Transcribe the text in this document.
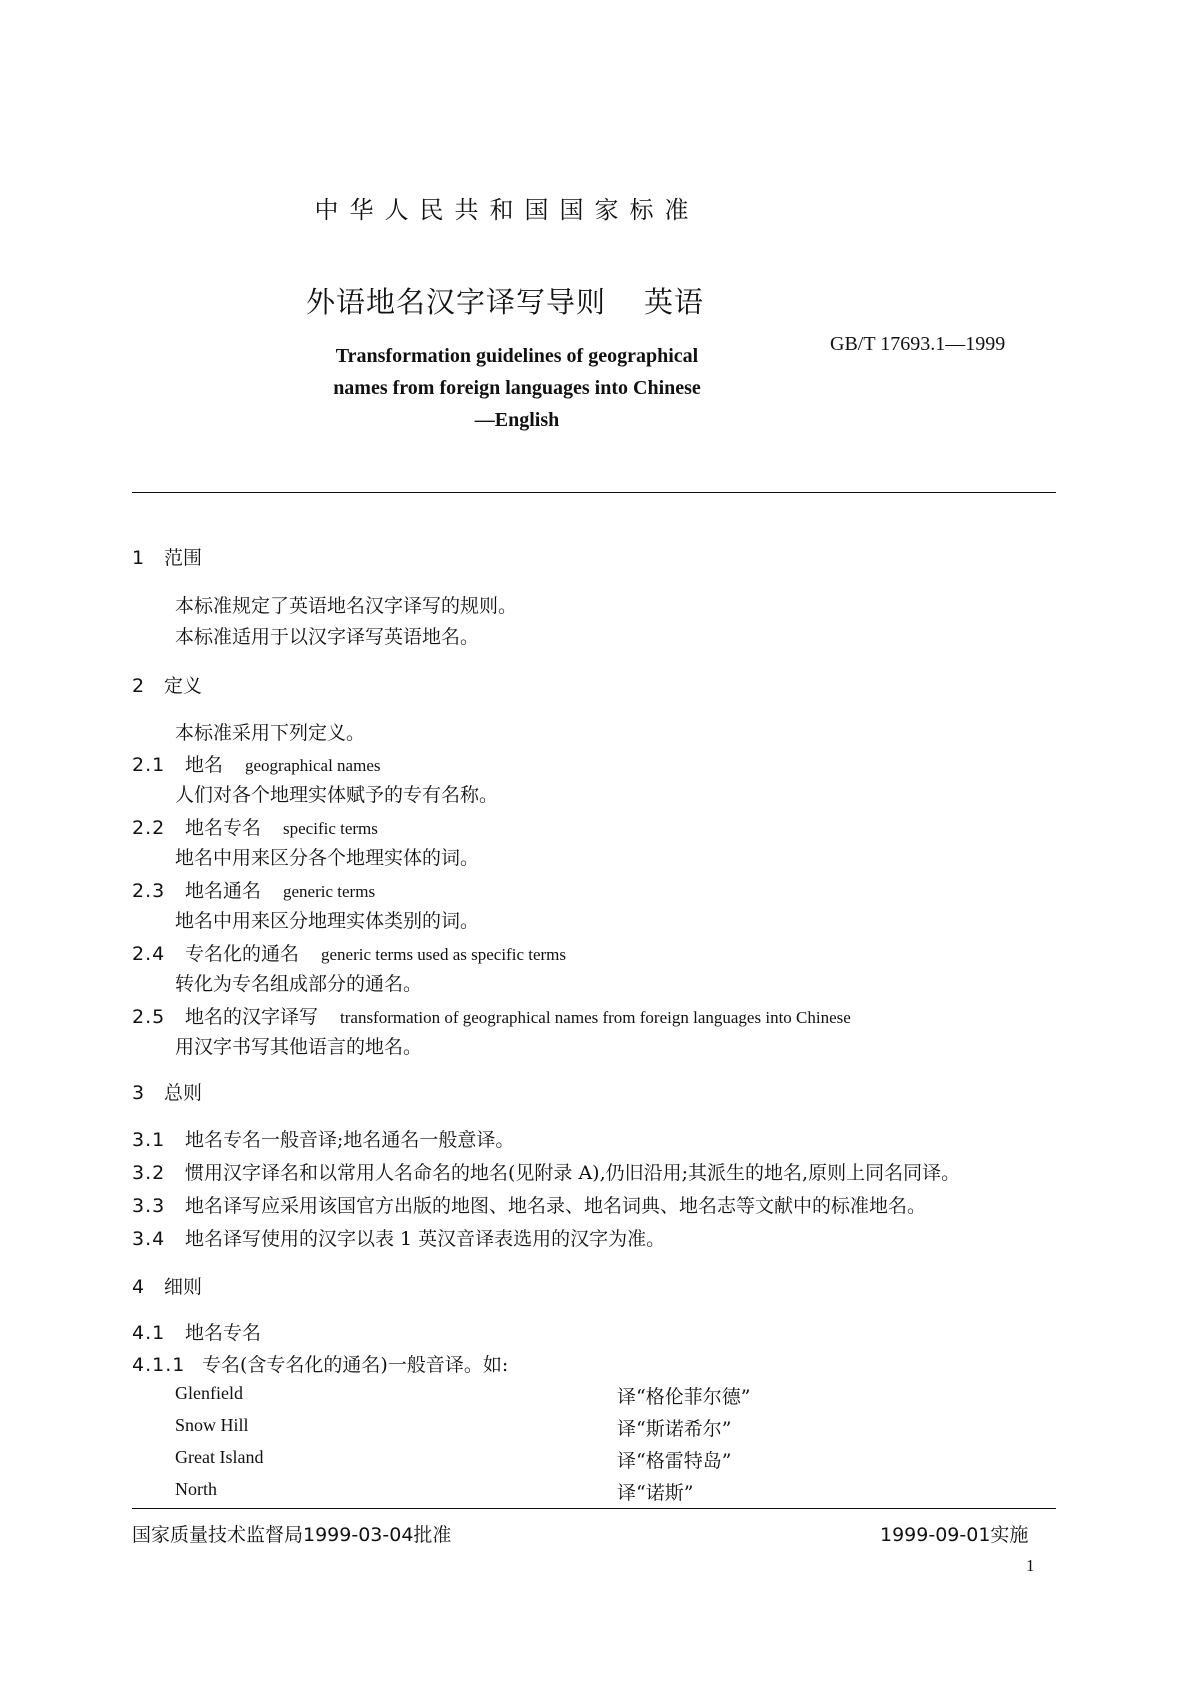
中华人民共和国国家标准
外语地名汉字译写导则 英语
GB/T 17693.1—1999
Transformation guidelines of geographical
names from foreign languages into Chinese
—English
1 范围
本标准规定了英语地名汉字译写的规则。
本标准适用于以汉字译写英语地名。
2 定义
本标准采用下列定义。
2.1 地名 geographical names
人们对各个地理实体赋予的专有名称。
2.2 地名专名 specific terms
地名中用来区分各个地理实体的词。
2.3 地名通名 generic terms
地名中用来区分地理实体类别的词。
2.4 专名化的通名 generic terms used as specific terms
转化为专名组成部分的通名。
2.5 地名的汉字译写 transformation of geographical names from foreign languages into Chinese
用汉字书写其他语言的地名。
3 总则
3.1 地名专名一般音译;地名通名一般意译。
3.2 惯用汉字译名和以常用人名命名的地名(见附录 A),仍旧沿用;其派生的地名,原则上同名同译。
3.3 地名译写应采用该国官方出版的地图、地名录、地名词典、地名志等文献中的标准地名。
3.4 地名译写使用的汉字以表 1 英汉音译表选用的汉字为准。
4 细则
4.1 地名专名
4.1.1 专名(含专名化的通名)一般音译。如:
Glenfield	译“格伦菲尔德”
Snow Hill	译“斯诺希尔”
Great Island	译“格雷特岛”
North	译“诺斯”
国家质量技术监督局1999-03-04批准	1999-09-01实施
1
